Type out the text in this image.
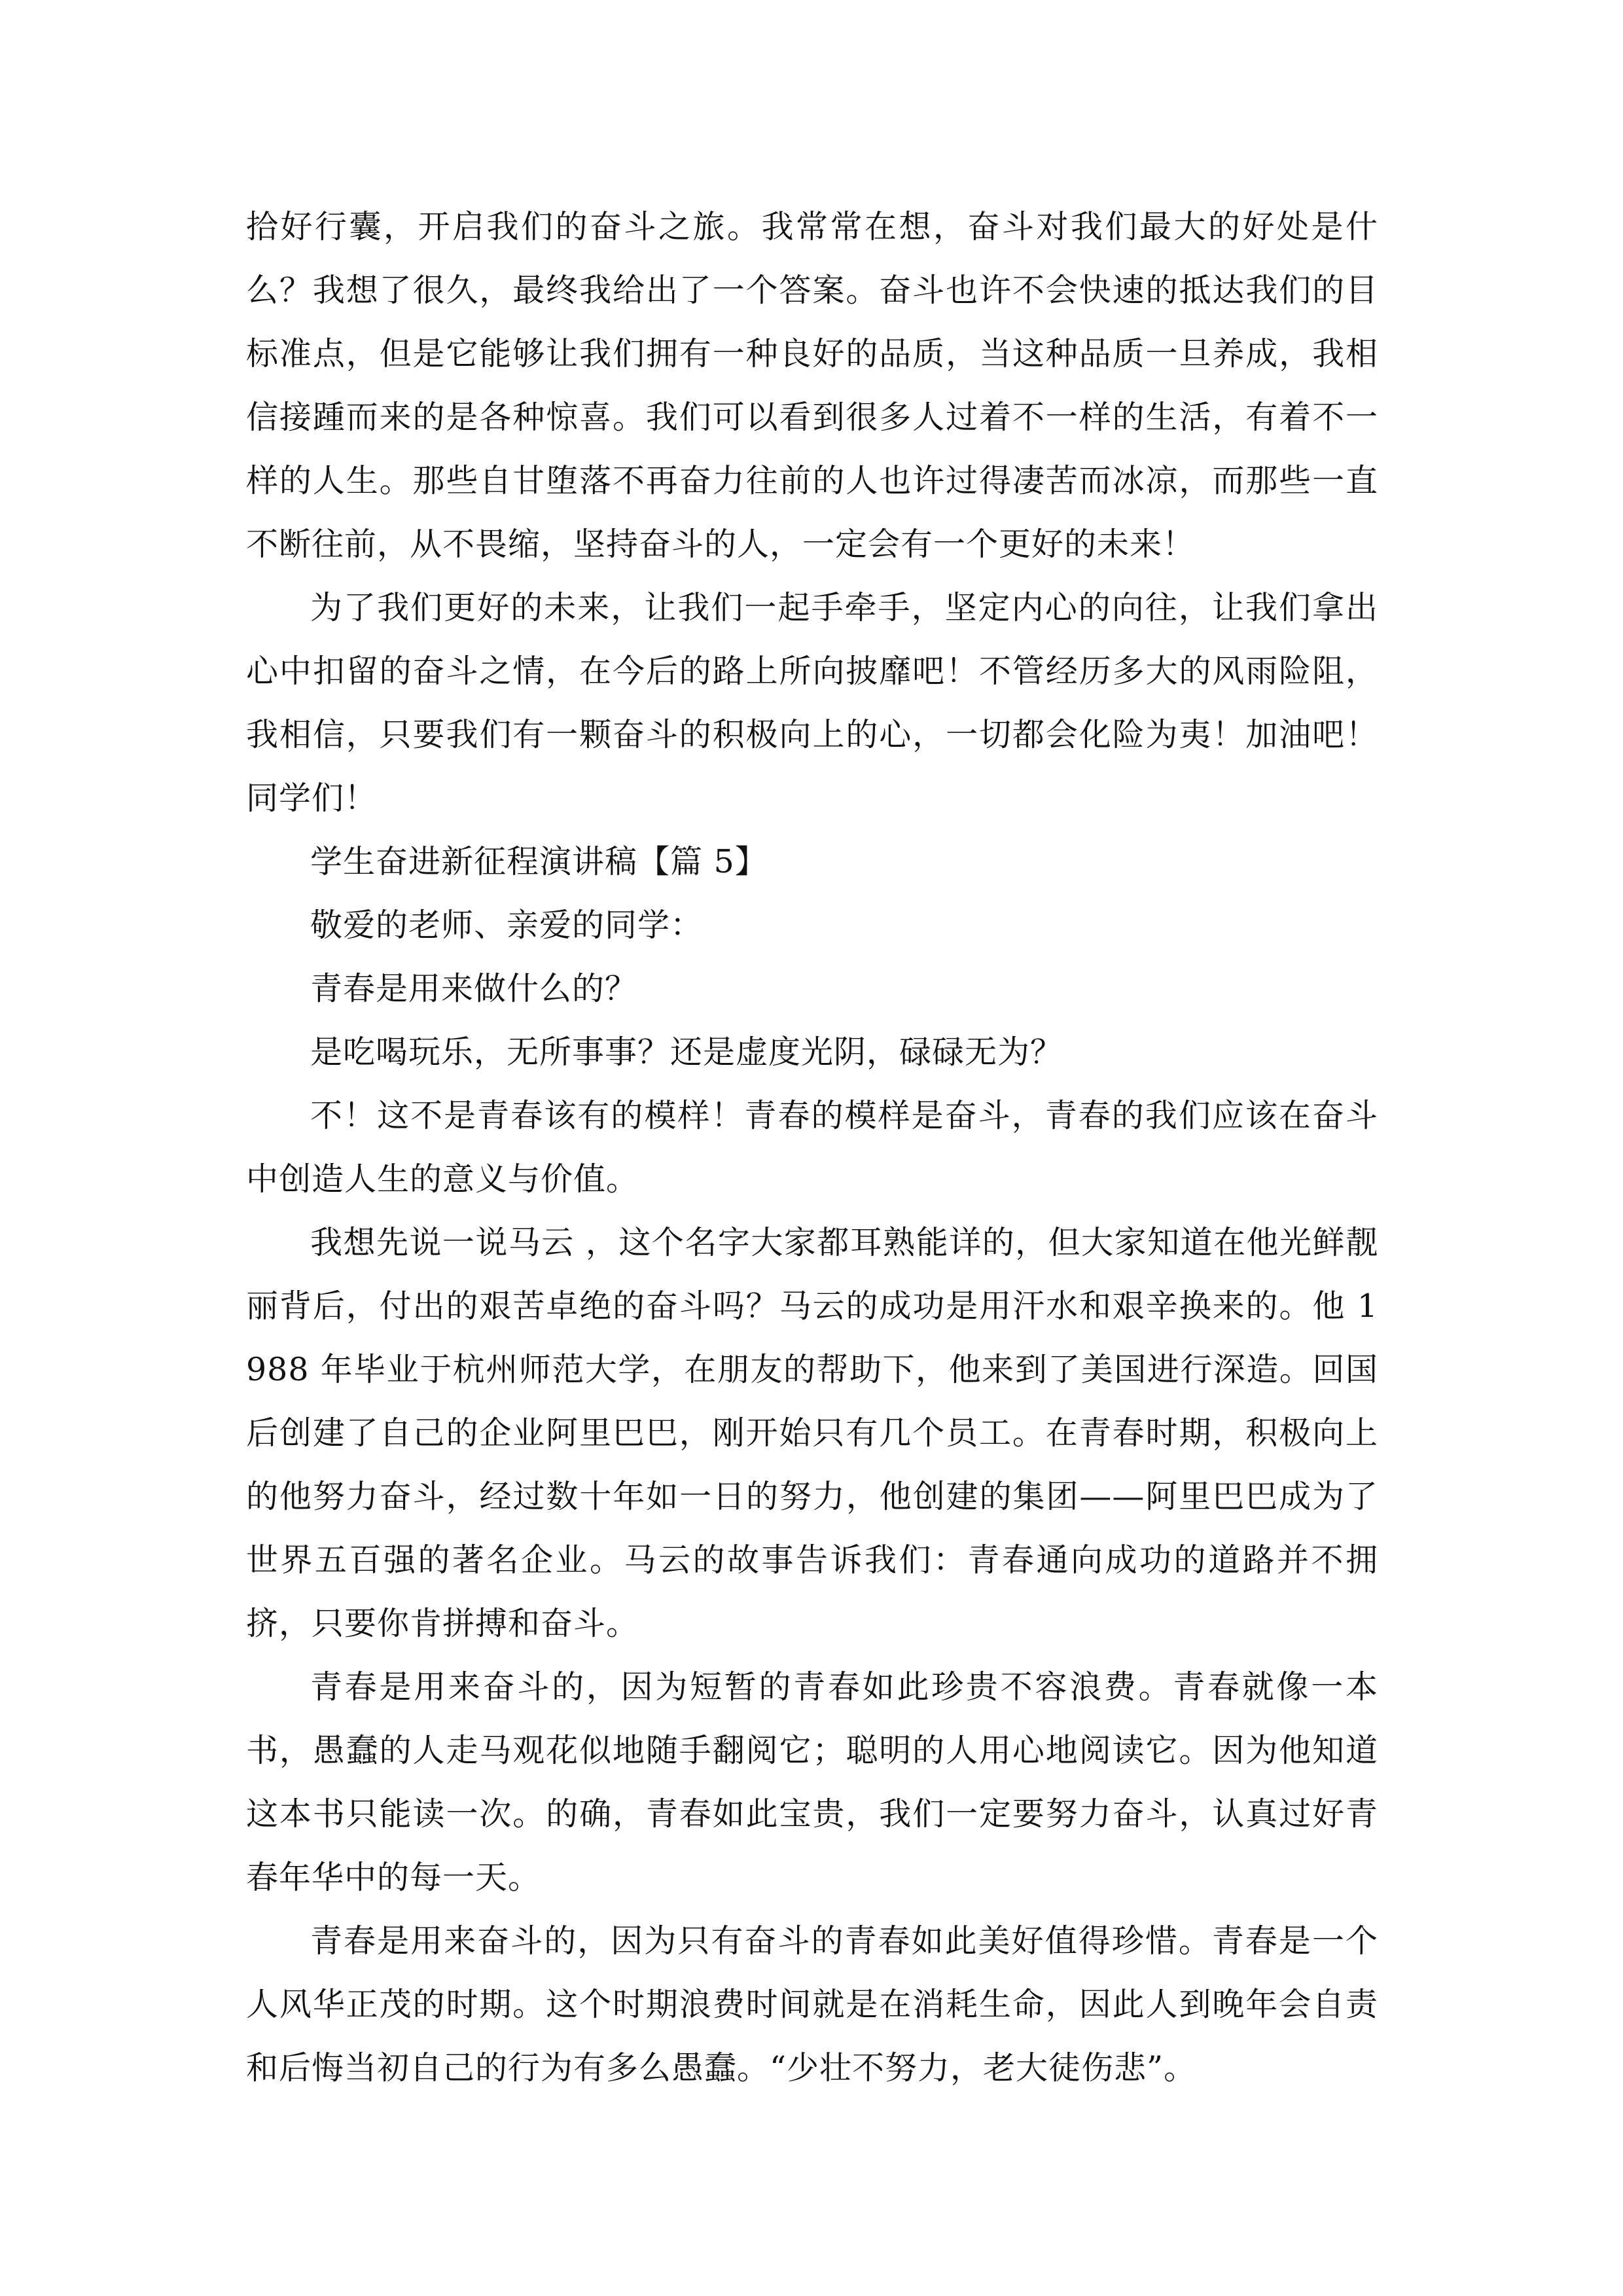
拾好行囊，开启我们的奋斗之旅。我常常在想，奋斗对我们最大的好处是什么？我想了很久，最终我给出了一个答案。奋斗也许不会快速的抵达我们的目标准点，但是它能够让我们拥有一种良好的品质，当这种品质一旦养成，我相信接踵而来的是各种惊喜。我们可以看到很多人过着不一样的生活，有着不一样的人生。那些自甘堕落不再奋力往前的人也许过得凄苦而冰凉，而那些一直不断往前，从不畏缩，坚持奋斗的人，一定会有一个更好的未来！

为了我们更好的未来，让我们一起手牵手，坚定内心的向往，让我们拿出心中扣留的奋斗之情，在今后的路上所向披靡吧！不管经历多大的风雨险阻，我相信，只要我们有一颗奋斗的积极向上的心，一切都会化险为夷！加油吧！同学们！

学生奋进新征程演讲稿【篇 5】

敬爱的老师、亲爱的同学：

青春是用来做什么的？

是吃喝玩乐，无所事事？还是虚度光阴，碌碌无为？

不！这不是青春该有的模样！青春的模样是奋斗，青春的我们应该在奋斗中创造人生的意义与价值。

我想先说一说马云 ，这个名字大家都耳熟能详的，但大家知道在他光鲜靓丽背后，付出的艰苦卓绝的奋斗吗？马云的成功是用汗水和艰辛换来的。他 1988 年毕业于杭州师范大学，在朋友的帮助下，他来到了美国进行深造。回国后创建了自己的企业阿里巴巴，刚开始只有几个员工。在青春时期，积极向上的他努力奋斗，经过数十年如一日的努力，他创建的集团——阿里巴巴成为了世界五百强的著名企业。马云的故事告诉我们：青春通向成功的道路并不拥挤，只要你肯拼搏和奋斗。

青春是用来奋斗的，因为短暂的青春如此珍贵不容浪费。青春就像一本书，愚蠢的人走马观花似地随手翻阅它；聪明的人用心地阅读它。因为他知道这本书只能读一次。的确，青春如此宝贵，我们一定要努力奋斗，认真过好青春年华中的每一天。

青春是用来奋斗的，因为只有奋斗的青春如此美好值得珍惜。青春是一个人风华正茂的时期。这个时期浪费时间就是在消耗生命，因此人到晚年会自责和后悔当初自己的行为有多么愚蠢。“少壮不努力，老大徒伤悲”。
